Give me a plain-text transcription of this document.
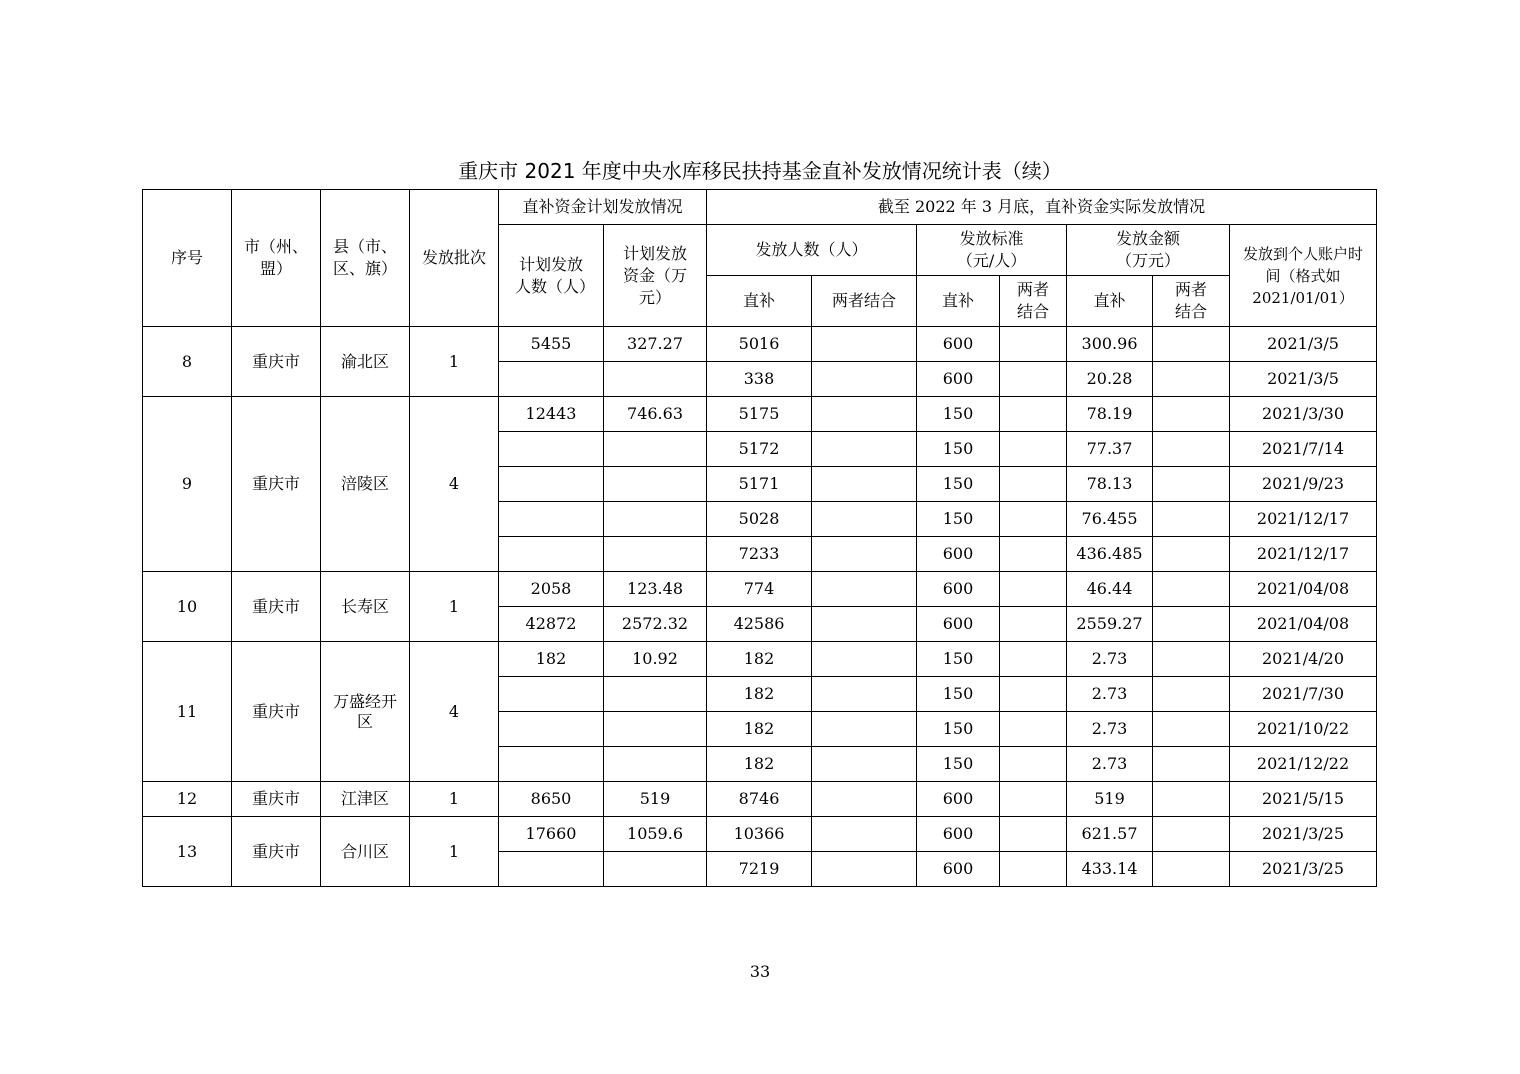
重庆市 2021 年度中央水库移民扶持基金直补发放情况统计表（续）
序号	市（州、盟）	县（市、区、旗）	发放批次	直补资金计划发放情况		截至 2022 年 3 月底，直补资金实际发放情况						
				计划发放人数（人）	计划发放资金（万元）	发放人数（人）		发放标准（元/人）		发放金额（万元）		发放到个人账户时间（格式如 2021/01/01）
						直补	两者结合	直补	两者结合	直补	两者结合	
8	重庆市	渝北区	1	5455	327.27	5016		600		300.96		2021/3/5
						338		600		20.28		2021/3/5
9	重庆市	涪陵区	4	12443	746.63	5175		150		78.19		2021/3/30
						5172		150		77.37		2021/7/14
						5171		150		78.13		2021/9/23
						5028		150		76.455		2021/12/17
						7233		600		436.485		2021/12/17
10	重庆市	长寿区	1	2058	123.48	774		600		46.44		2021/04/08
				42872	2572.32	42586		600		2559.27		2021/04/08
11	重庆市	万盛经开区	4	182	10.92	182		150		2.73		2021/4/20
						182		150		2.73		2021/7/30
						182		150		2.73		2021/10/22
						182		150		2.73		2021/12/22
12	重庆市	江津区	1	8650	519	8746		600		519		2021/5/15
13	重庆市	合川区	1	17660	1059.6	10366		600		621.57		2021/3/25
						7219		600		433.14		2021/3/25
33
